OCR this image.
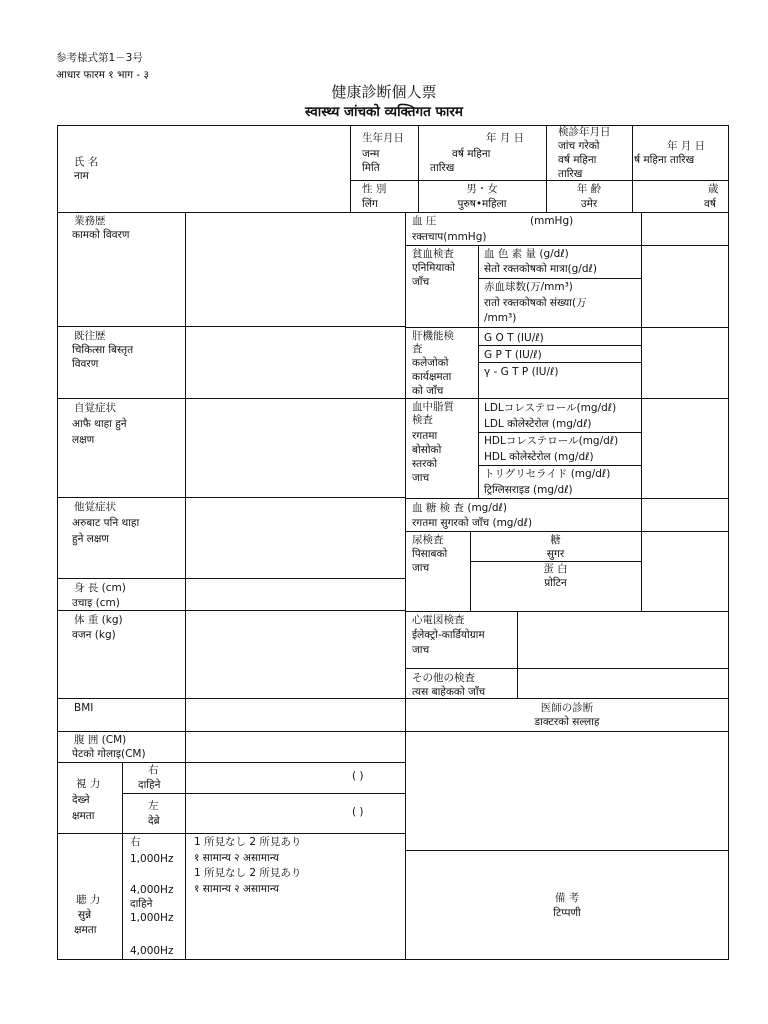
参考様式第1－3号
आधार फारम १ भाग - ३
健康診断個人票
स्वास्थ्य जांचको व्यक्तिगत फारम
氏 名
नाम
生年月日
जन्म
मिति
年 月 日
वर्ष महिना
तारिख
検診年月日
जांच गरेको
वर्ष महिना
तारिख
年 月 日
र्ष महिना तारिख
性 別
लिंग
男・女
पुरुष•महिला
年 齢
उमेर
歳
वर्ष
業務歴
कामको विवरण
既往歴
चिकित्सा बिस्तृत
विवरण
自覚症状
आफै थाहा हुने
लक्षण
他覚症状
अरुबाट पनि थाहा
हुने लक्षण
身 長 (cm)
उचाइ (cm)
体 重 (kg)
वजन (kg)
BMI
腹 囲 (CM)
पेटको गोलाइ(CM)
視 力
देख्ने
क्षमता
右
दाहिने
左
देब्रे
( )
( )
聴 力
सुन्ने
क्षमता
右
1,000Hz
4,000Hz
दाहिने
1,000Hz
4,000Hz
1 所見なし 2 所見あり
१ सामान्य २ असामान्य
1 所見なし 2 所見あり
१ सामान्य २ असामान्य
血 圧	(mmHg)
रक्तचाप(mmHg)
貧血検査
एनिमियाको
जाँच
血 色 素 量 (g/dℓ)
सेतो रक्तकोषको मात्रा(g/dℓ)
赤血球数(万/mm³)
रातो रक्तकोषको संख्या(万
/mm³)
肝機能検
査
कलेजोको
कार्यक्षमता
को जाँच
G O T (IU/ℓ)
G P T (IU/ℓ)
γ - G T P (IU/ℓ)
血中脂質
検査
रगतमा
बोसोको
स्तरको
जाच
LDLコレステロール(mg/dℓ)
LDL कोलेस्टेरोल (mg/dℓ)
HDLコレステロール(mg/dℓ)
HDL कोलेस्टेरोल (mg/dℓ)
トリグリセライド (mg/dℓ)
ट्रिग्लिसराइड (mg/dℓ)
血 糖 検 査 (mg/dℓ)
रगतमा सुगरको जाँच (mg/dℓ)
尿検査
पिसाबको
जाच
糖
सुगर
蛋 白
प्रोटिन
心電図検査
ईलेक्ट्रो-कार्डियोग्राम
जाच
その他の検査
त्यस बाहेकको जाँच
医師の診断
डाक्टरको सल्लाह
備 考
टिप्पणी
